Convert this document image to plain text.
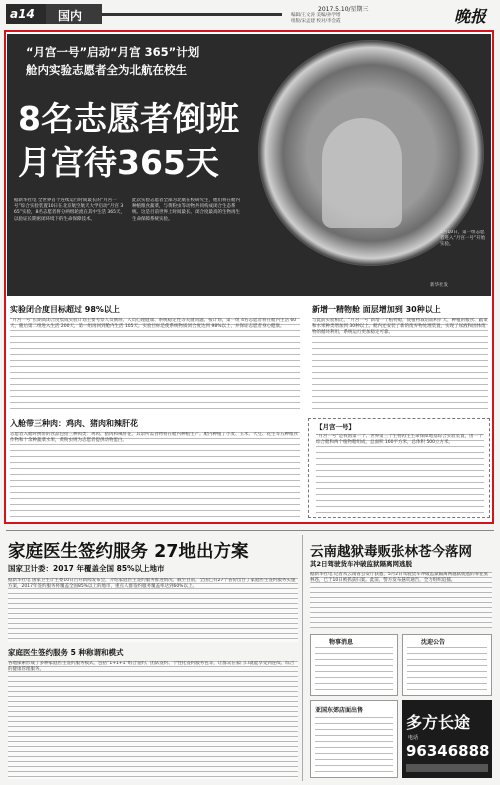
a14 国内	2017.5.10/星期三
编辑/王文涛 美编/孙学增
组版/宋孟建 校对/李会霞	晚报
“月宫一号”启动“月宫 365”计划
舱内实验志愿者全为北航在校生
8名志愿者倒班
月宫待365天
据新华社电 全世界首个连续运行时间最长的“月宫一号”综合实验装置10日在北京航空航天大学启动“月宫 365”实验，8名志愿者将分两组轮流在其中生活 365天，以验证长期密闭环境下的生命保障技术。
此次实验志愿者全部为北航在校研究生，他们将在舱内种植粮食蔬菜，与黄粉虫等动物共同构成闭合生态系统。这是目前世界上时间最长、闭合度最高的生物再生生命保障系统实验。
新华社发
5月10日，第一组志愿者进入“月宫一号”开始实验。
实验闭合度目标超过 98%以上
“月宫一号”长期高闭合度集成实验计划主要考察人员倒班、人员心理健康、系统稳定性等关键问题。按计划，第一组 4名志愿者将在舱内生活 60天，随后第二组进入生活 200天，第一组再回到舱内生活 105天。实验目标是使系统物质闭合度达到 98%以上，并保证志愿者身心健康。
入舱带三种肉：鸡肉、猪肉和辣肝花
志愿者入舱时携带的食品包括三种肉类：鸡肉、猪肉和辣肝花，其余所需食物将在舱内种植生产。舱内种植了小麦、玉米、大豆、花生等五种粮食作物和十余种蔬菜水果，黄粉虫则为志愿者提供动物蛋白。
新增一精物舱 面层增加到 30种以上
与此前实验相比，“月宫一号”新增一个植物舱，使植物栽培面积扩大，种植的粮食、蔬菜和水果种类增加到 30种以上。舱内还安装了新的废弃物处理装置，实现了尿液和固体废物的循环利用，系统运行更加稳定可靠。
【月宫一号】
“月宫一号”是我国第一个、世界第三个生物再生生命保障地基综合实验装置，由一个综合舱和两个植物舱组成，总面积 160平方米，总体积 500立方米。
家庭医生签约服务 27地出方案
国家卫计委：2017 年覆盖全国 85%以上地市
据新华社电 国家卫生计生委10日召开新闻发布会，介绍家庭医生签约服务推进情况。截至目前，全国已有27个省份出台了家庭医生签约服务实施方案，2017年签约服务将覆盖全国85%以上的地市，重点人群签约服务覆盖率达到60%以上。
家庭医生签约服务 5 种称谓和模式
各地探索形成了多种家庭医生签约服务模式，包括“1+1+1”组合签约、团队签约、个性化签约服务包等，让群众在家门口就能享受到连续、综合的健康管理服务。
云南越狱毒贩张林苍今落网
其2日驾驶货车冲破监狱隔离网逃脱
据新华社电 记者从云南省公安厅获悉，5月2日驾驶货车冲破监狱隔离网越狱脱逃的罪犯张林苍，已于10日被抓获归案。此前，警方发布悬赏通告，全力组织追捕。
物事消息	沈迎公告
亚国东郊店面出售
多方长途
电话
96346888
